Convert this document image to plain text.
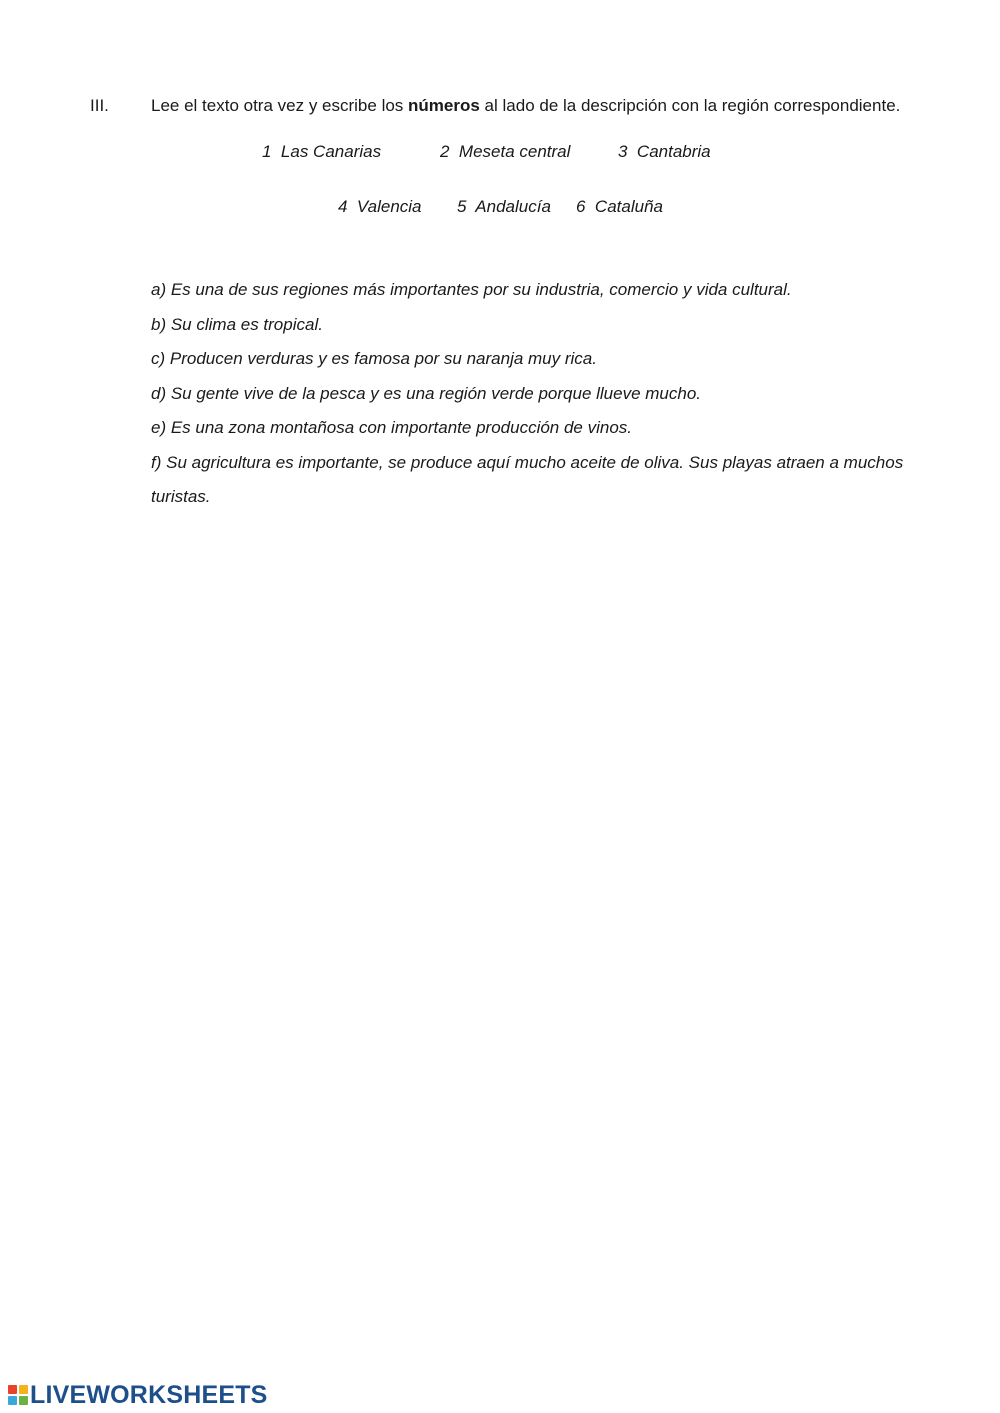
III. Lee el texto otra vez y escribe los números al lado de la descripción con la región correspondiente.
1 Las Canarias	2 Meseta central	3 Cantabria
4 Valencia 5 Andalucía 6 Cataluña

a) Es una de sus regiones más importantes por su industria, comercio y vida cultural.

b) Su clima es tropical.

c) Producen verduras y es famosa por su naranja muy rica.

d) Su gente vive de la pesca y es una región verde porque llueve mucho.

e) Es una zona montañosa con importante producción de vinos.

f) Su agricultura es importante, se produce aquí mucho aceite de oliva. Sus playas atraen a muchos

turistas.

LIVEWORKSHEETS
